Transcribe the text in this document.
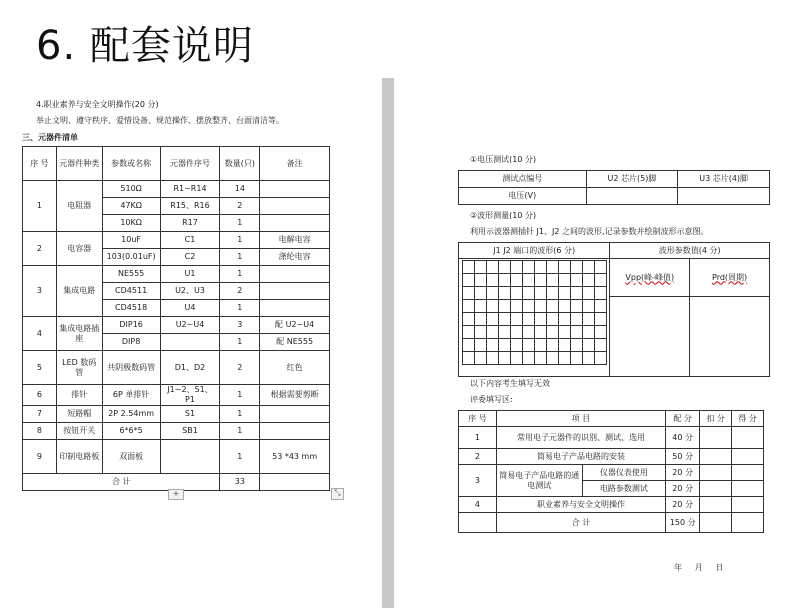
6. 配套说明
4.职业素养与安全文明操作(20 分)
举止文明、遵守秩序、爱惜设备、规范操作、摆放整齐、台面清洁等。
三、元器件清单
序 号	元器件种类	参数或名称	元器件序号	数量(只)	备注
1	电阻器	510Ω	R1~R14	14	
		47KΩ	R15、R16	2	
		10KΩ	R17	1	
2	电容器	10uF	C1	1	电解电容
		103(0.01uF)	C2	1	涤纶电容
3	集成电路	NE555	U1	1	
		CD4511	U2、U3	2	
		CD4518	U4	1	
4	集成电路插座	DIP16	U2~U4	3	配 U2~U4
		DIP8		1	配 NE555
5	LED 数码管	共阴极数码管	D1、D2	2	红色
6	排针	6P 单排针	J1~2、S1、P1	1	根据需要剪断
7	短路帽	2P 2.54mm	S1	1	
8	按钮开关	6*6*5	SB1	1	
9	印制电路板	双面板		1	53 *43 mm
合 计				33	
+	⤡
①电压测试(10 分)
测试点编号	U2 芯片(5)脚	U3 芯片(4)脚
电压(V)		
②波形测量(10 分)
利用示波器测插针 J1、J2 之间的波形,记录参数并绘制波形示意图。
J1 J2 端口的波形(6 分)	波形参数值(4 分)	
	Vpp(峰-峰值)	Prd(周期)

以下内容考生填写无效
评委填写区:
序 号	项 目		配 分	扣 分	得 分
1	常用电子元器件的识别、测试、选用		40 分		
2	简易电子产品电路的安装		50 分		
3	简易电子产品电路的通电测试	仪器仪表使用	20 分		
		电路参数测试	20 分		
4	职业素养与安全文明操作		20 分		
	合 计		150 分		
年     月     日
